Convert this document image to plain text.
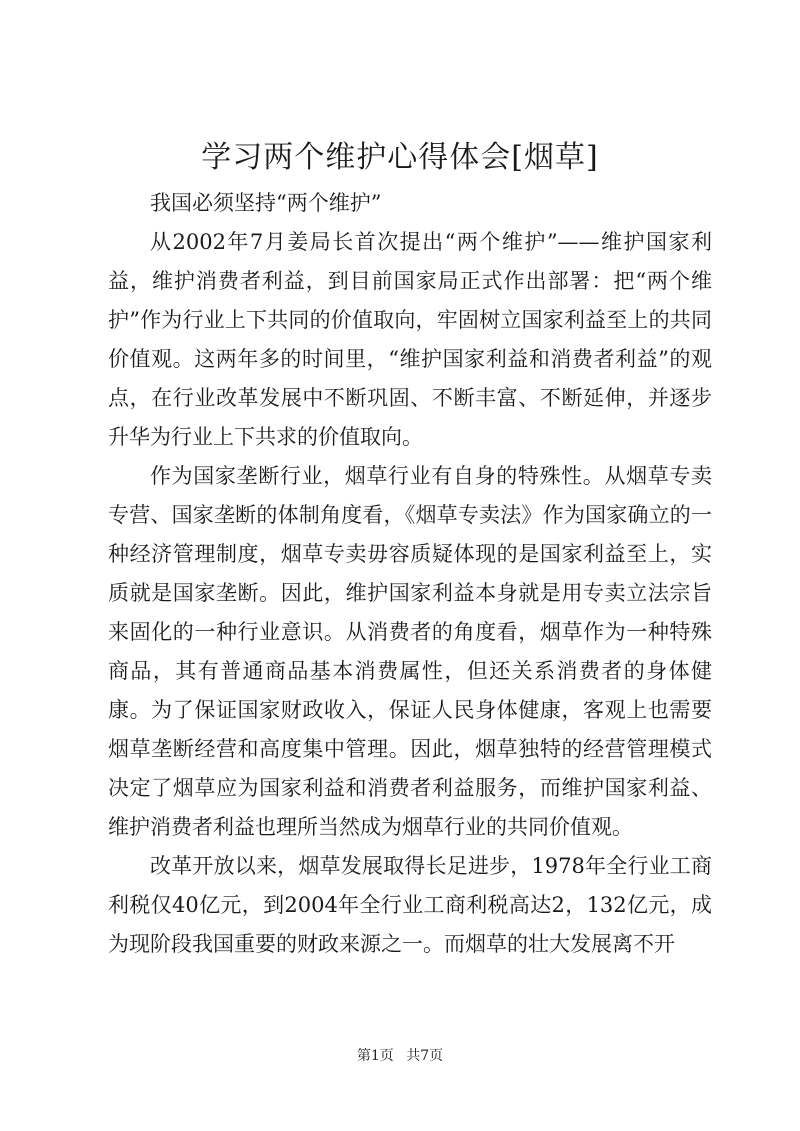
学习两个维护心得体会[烟草]

我国必须坚持“两个维护”

从2002年7月姜局长首次提出“两个维护”——维护国家利益，维护消费者利益，到目前国家局正式作出部署：把“两个维护”作为行业上下共同的价值取向，牢固树立国家利益至上的共同价值观。这两年多的时间里，“维护国家利益和消费者利益”的观点，在行业改革发展中不断巩固、不断丰富、不断延伸，并逐步升华为行业上下共求的价值取向。

作为国家垄断行业，烟草行业有自身的特殊性。从烟草专卖专营、国家垄断的体制角度看，《烟草专卖法》作为国家确立的一种经济管理制度，烟草专卖毋容质疑体现的是国家利益至上，实质就是国家垄断。因此，维护国家利益本身就是用专卖立法宗旨来固化的一种行业意识。从消费者的角度看，烟草作为一种特殊商品，其有普通商品基本消费属性，但还关系消费者的身体健康。为了保证国家财政收入，保证人民身体健康，客观上也需要烟草垄断经营和高度集中管理。因此，烟草独特的经营管理模式决定了烟草应为国家利益和消费者利益服务，而维护国家利益、维护消费者利益也理所当然成为烟草行业的共同价值观。

改革开放以来，烟草发展取得长足进步，1978年全行业工商利税仅40亿元，到2004年全行业工商利税高达2，132亿元，成为现阶段我国重要的财政来源之一。而烟草的壮大发展离不开

第1页 共7页
